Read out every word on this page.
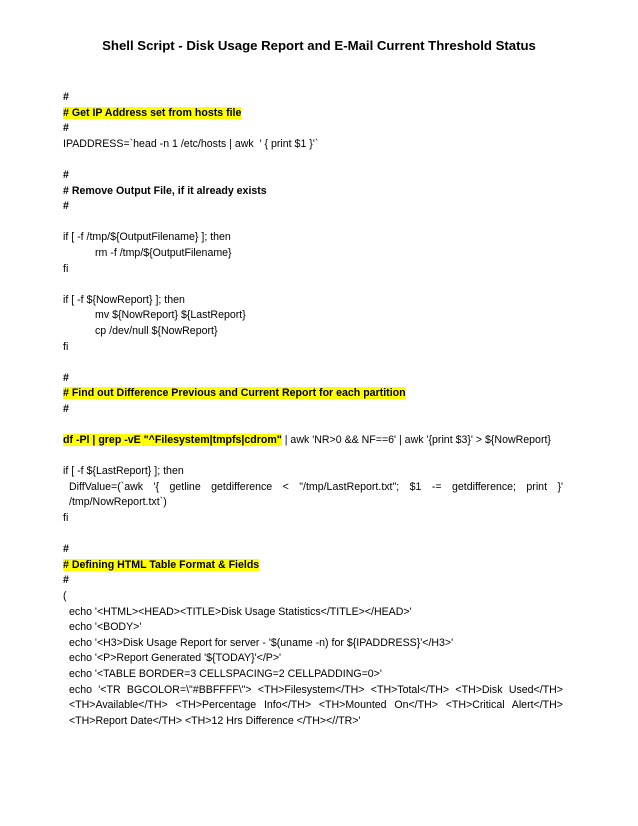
Shell Script - Disk Usage Report and E-Mail Current Threshold Status
#
# Get IP Address set from hosts file
#
IPADDRESS=`head -n 1 /etc/hosts | awk  ' { print $1 }'`
#
# Remove Output File, if it already exists
#
if [ -f /tmp/${OutputFilename} ]; then
rm -f /tmp/${OutputFilename}
fi
if [ -f ${NowReport} ]; then
mv ${NowReport} ${LastReport}
cp /dev/null ${NowReport}
fi
#
# Find out Difference Previous and Current Report for each partition
#
df -Pl | grep -vE "^Filesystem|tmpfs|cdrom" | awk 'NR>0 && NF==6' | awk '{print $3}' > ${NowReport}
if [ -f ${LastReport} ]; then
DiffValue=(`awk '{ getline getdifference < "/tmp/LastReport.txt"; $1 -= getdifference; print }' /tmp/NowReport.txt`)
fi
#
# Defining HTML Table Format & Fields
#
(
echo '<HTML><HEAD><TITLE>Disk Usage Statistics</TITLE></HEAD>'
echo '<BODY>'
echo '<H3>Disk Usage Report for server - '$(uname -n) for ${IPADDRESS}'</H3>'
echo '<P>Report Generated '${TODAY}'</P>'
echo '<TABLE BORDER=3 CELLSPACING=2 CELLPADDING=0>'
echo '<TR BGCOLOR=\"#BBFFFF\"> <TH>Filesystem</TH> <TH>Total</TH> <TH>Disk Used</TH> <TH>Available</TH> <TH>Percentage Info</TH> <TH>Mounted On</TH> <TH>Critical Alert</TH> <TH>Report Date</TH> <TH>12 Hrs Difference </TH><//TR>'
